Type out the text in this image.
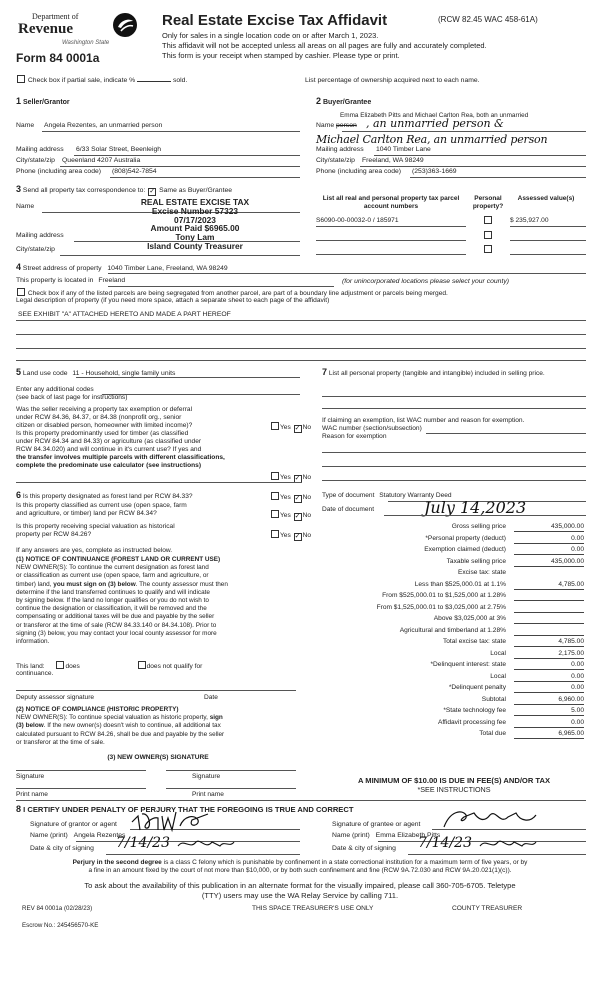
Department of
Revenue
Washington State
Form 84 0001a
Real Estate Excise Tax Affidavit	(RCW 82.45 WAC 458-61A)
Only for sales in a single location code on or after March 1, 2023.
This affidavit will not be accepted unless all areas on all pages are fully and accurately completed.
This form is your receipt when stamped by cashier. Please type or print.
Check box if partial sale, indicate %	sold.	List percentage of ownership acquired next to each name.
1 Seller/Grantor
Name Angela Rezentes, an unmarried person
Mailing address 6/33 Solar Street, Beenleigh
City/state/zip Queenland 4207 Australia
Phone (including area code) (808)542-7854
2 Buyer/Grantee
Emma Elizabeth Pitts and Michael Carlton Rea, both an unmarried
Name person , an unmarried person &
Michael Carlton Rea, an unmarried person
Mailing address 1040 Timber Lane
City/state/zip Freeland, WA 98249
Phone (including area code) (253)363-1669
3 Send all property tax correspondence to: ✓ Same as Buyer/Grantee
Name
Mailing address
City/state/zip
REAL ESTATE EXCISE TAX
Excise Number 57323
07/17/2023
Amount Paid $6965.00
Tony Lam
Island County Treasurer
List all real and personal property tax parcel account numbers
Personal property?
Assessed value(s)
S6090-00-00032-0 / 185971	$ 235,927.00
4 Street address of property 1040 Timber Lane, Freeland, WA 98249
This property is located in Freeland	(for unincorporated locations please select your county)
Check box if any of the listed parcels are being segregated from another parcel, are part of a boundary line adjustment or parcels being merged.
Legal description of property (if you need more space, attach a separate sheet to each page of the affidavit)
SEE EXHIBIT "A" ATTACHED HERETO AND MADE A PART HEREOF
5 Land use code 11 - Household, single family units
Enter any additional codes
(see back of last page for instructions)
Was the seller receiving a property tax exemption or deferral
under RCW 84.36, 84.37, or 84.38 (nonprofit org., senior
citizen or disabled person, homeowner with limited income)?	Yes ✓ No
Is this property predominantly used for timber (as classified
under RCW 84.34 and 84.33) or agriculture (as classified under
RCW 84.34.020) and will continue in it's current use? If yes and
the transfer involves multiple parcels with different classifications,
complete the predominate use calculator (see instructions)
Yes ✓ No
7 List all personal property (tangible and intangible) included in selling price.
If claiming an exemption, list WAC number and reason for exemption.
WAC number (section/subsection)
Reason for exemption
6 Is this property designated as forest land per RCW 84.33?	Yes ✓ No
Is this property classified as current use (open space, farm
and agriculture, or timber) land per RCW 84.34?	Yes ✓ No
Is this property receiving special valuation as historical
property per RCW 84.26?	Yes ✓ No
If any answers are yes, complete as instructed below.
(1) NOTICE OF CONTINUANCE (FOREST LAND OR CURRENT USE)
NEW OWNER(S): To continue the current designation as forest land
or classification as current use (open space, farm and agriculture, or
timber) land, you must sign on (3) below. The county assessor must then
determine if the land transferred continues to qualify and will indicate
by signing below. If the land no longer qualifies or you do not wish to
continue the designation or classification, it will be removed and the
compensating or additional taxes will be due and payable by the seller
or transferor at the time of sale (RCW 84.33.140 or 84.34.108). Prior to
signing (3) below, you may contact your local county assessor for more
information.
This land:	does	does not qualify for
continuance.
Deputy assessor signature	Date
(2) NOTICE OF COMPLIANCE (HISTORIC PROPERTY)
NEW OWNER(S): To continue special valuation as historic property, sign
(3) below. If the new owner(s) doesn't wish to continue, all additional tax
calculated pursuant to RCW 84.26, shall be due and payable by the seller
or transferor at the time of sale.
(3) NEW OWNER(S) SIGNATURE
Signature	Signature
Print name	Print name
Type of document Statutory Warranty Deed
Date of document	July 14,2023
Gross selling price	435,000.00
*Personal property (deduct)	0.00
Exemption claimed (deduct)	0.00
Taxable selling price	435,000.00
Excise tax: state
Less than $525,000.01 at 1.1%	4,785.00
From $525,000.01 to $1,525,000 at 1.28%
From $1,525,000.01 to $3,025,000 at 2.75%
Above $3,025,000 at 3%
Agricultural and timberland at 1.28%
Total excise tax: state	4,785.00
Local	2,175.00
*Delinquent interest: state	0.00
Local	0.00
*Delinquent penalty	0.00
Subtotal	6,960.00
*State technology fee	5.00
Affidavit processing fee	0.00
Total due	6,965.00
A MINIMUM OF $10.00 IS DUE IN FEE(S) AND/OR TAX
*SEE INSTRUCTIONS
8 I CERTIFY UNDER PENALTY OF PERJURY THAT THE FOREGOING IS TRUE AND CORRECT
Signature of grantor or agent
Name (print) Angela Rezentes
Date & city of signing 7/14/23
Signature of grantee or agent
Name (print) Emma Elizabeth Pitts
Date & city of signing 7/14/23
Perjury in the second degree is a class C felony which is punishable by confinement in a state correctional institution for a maximum term of five years, or by
a fine in an amount fixed by the court of not more than $10,000, or by both such confinement and fine (RCW 9A.72.030 and RCW 9A.20.021(1)(c)).
To ask about the availability of this publication in an alternate format for the visually impaired, please call 360-705-6705. Teletype
(TTY) users may use the WA Relay Service by calling 711.
REV 84 0001a (02/28/23)	THIS SPACE TREASURER'S USE ONLY	COUNTY TREASURER
Escrow No.: 245456570-KE
